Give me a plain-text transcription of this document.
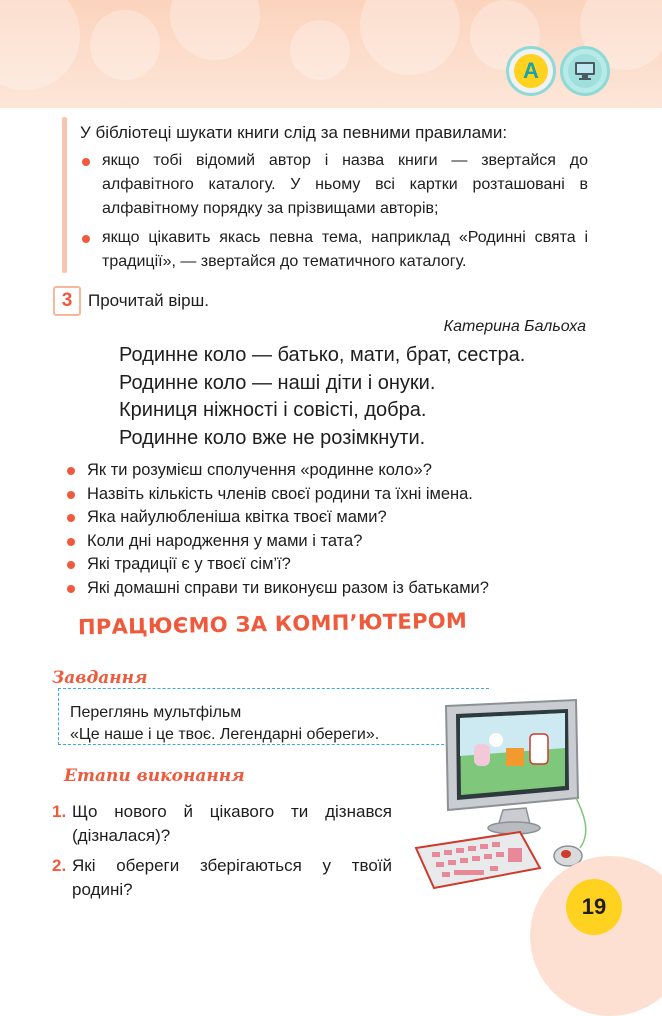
А
У бібліотеці шукати книги слід за певними правилами:
якщо тобі відомий автор і назва книги — звертайся до алфавітного каталогу. У ньому всі картки розташовані в алфавітному порядку за прізвищами авторів;
якщо цікавить якась певна тема, наприклад «Родинні свята і традиції», — звертайся до тематичного каталогу.
3 Прочитай вірш.
Катерина Бальоха
Родинне коло — батько, мати, брат, сестра.
Родинне коло — наші діти і онуки.
Криниця ніжності і совісті, добра.
Родинне коло вже не розімкнути.
Як ти розумієш сполучення «родинне коло»?
Назвіть кількість членів своєї родини та їхні імена.
Яка найулюбленіша квітка твоєї мами?
Коли дні народження у мами і тата?
Які традиції є у твоєї сім’ї?
Які домашні справи ти виконуєш разом із батьками?
ПРАЦЮЄМО ЗА КОМП’ЮТЕРОМ
Завдання
Переглянь мультфільм
«Це наше і це твоє. Легендарні обереги».
Етапи виконання
1. Що нового й цікавого ти дізнався (дізналася)?
2. Які обереги зберігаються у твоїй родині?
19
